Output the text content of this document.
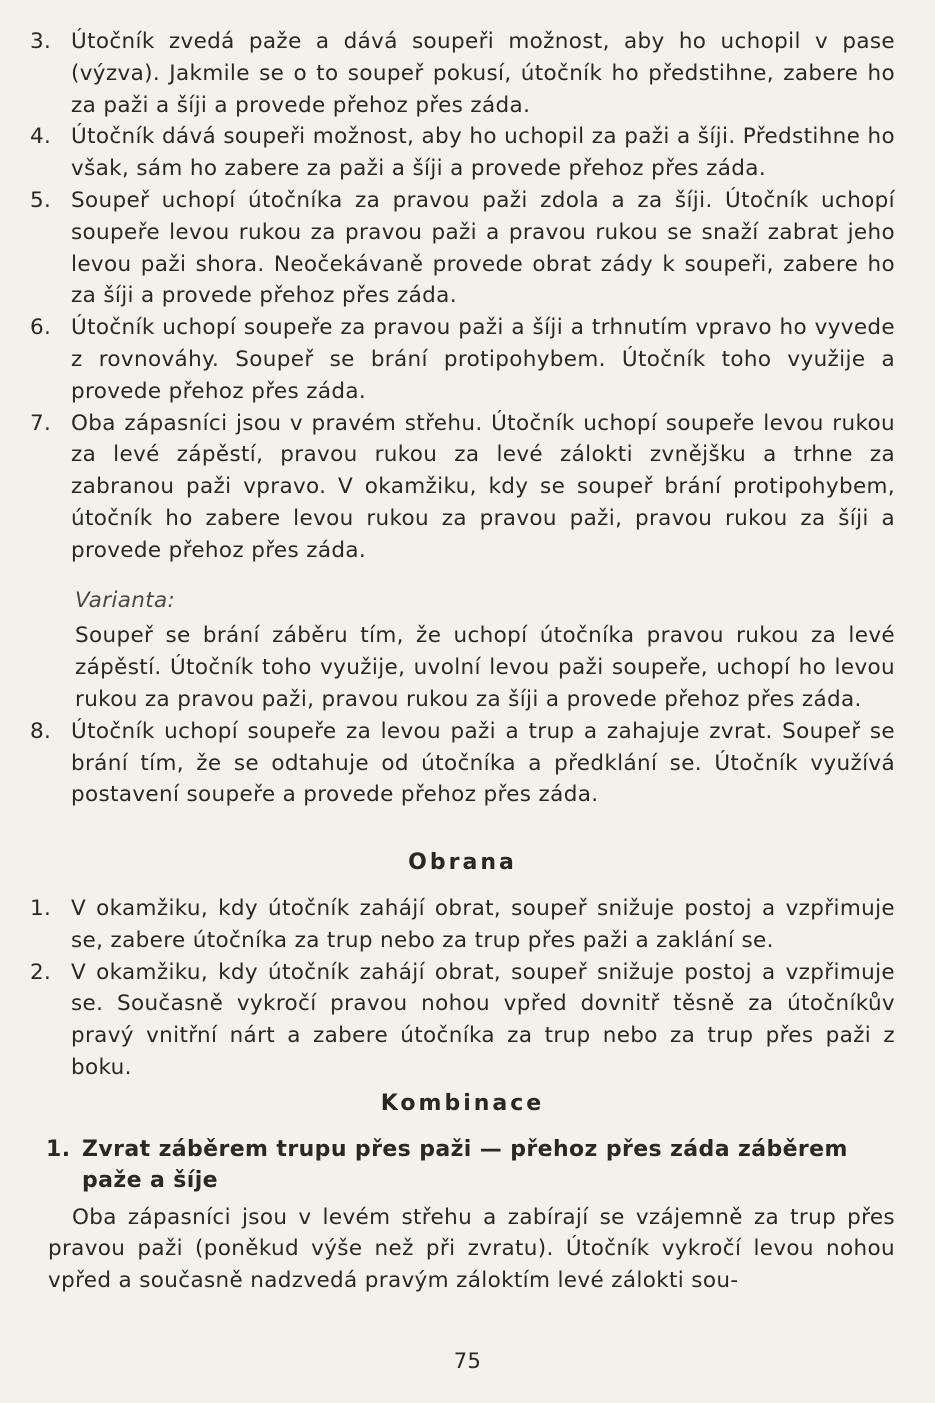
3. Útočník zvedá paže a dává soupeři možnost, aby ho uchopil v pase (výzva). Jakmile se o to soupeř pokusí, útočník ho předstihne, zabere ho za paži a šíji a provede přehoz přes záda.
4. Útočník dává soupeři možnost, aby ho uchopil za paži a šíji. Předstihne ho však, sám ho zabere za paži a šíji a provede přehoz přes záda.
5. Soupeř uchopí útočníka za pravou paži zdola a za šíji. Útočník uchopí soupeře levou rukou za pravou paži a pravou rukou se snaží zabrat jeho levou paži shora. Neočekávaně provede obrat zády k soupeři, zabere ho za šíji a provede přehoz přes záda.
6. Útočník uchopí soupeře za pravou paži a šíji a trhnutím vpravo ho vyvede z rovnováhy. Soupeř se brání protipohybem. Útočník toho využije a provede přehoz přes záda.
7. Oba zápasníci jsou v pravém střehu. Útočník uchopí soupeře levou rukou za levé zápěstí, pravou rukou za levé zálokti zvnějšku a trhne za zabranou paži vpravo. V okamžiku, kdy se soupeř brání protipohybem, útočník ho zabere levou rukou za pravou paži, pravou rukou za šíji a provede přehoz přes záda.
Varianta:
Soupeř se brání záběru tím, že uchopí útočníka pravou rukou za levé zápěstí. Útočník toho využije, uvolní levou paži soupeře, uchopí ho levou rukou za pravou paži, pravou rukou za šíji a provede přehoz přes záda.
8. Útočník uchopí soupeře za levou paži a trup a zahajuje zvrat. Soupeř se brání tím, že se odtahuje od útočníka a předklání se. Útočník využívá postavení soupeře a provede přehoz přes záda.
Obrana
1. V okamžiku, kdy útočník zahájí obrat, soupeř snižuje postoj a vzpřimuje se, zabere útočníka za trup nebo za trup přes paži a zaklání se.
2. V okamžiku, kdy útočník zahájí obrat, soupeř snižuje postoj a vzpřimuje se. Současně vykročí pravou nohou vpřed dovnitř těsně za útočníkův pravý vnitřní nárt a zabere útočníka za trup nebo za trup přes paži z boku.
Kombinace
1. Zvrat záběrem trupu přes paži — přehoz přes záda záběrem paže a šíje
Oba zápasníci jsou v levém střehu a zabírají se vzájemně za trup přes pravou paži (poněkud výše než při zvratu). Útočník vykročí levou nohou vpřed a současně nadzvedá pravým záloktím levé zálokti sou-
75
